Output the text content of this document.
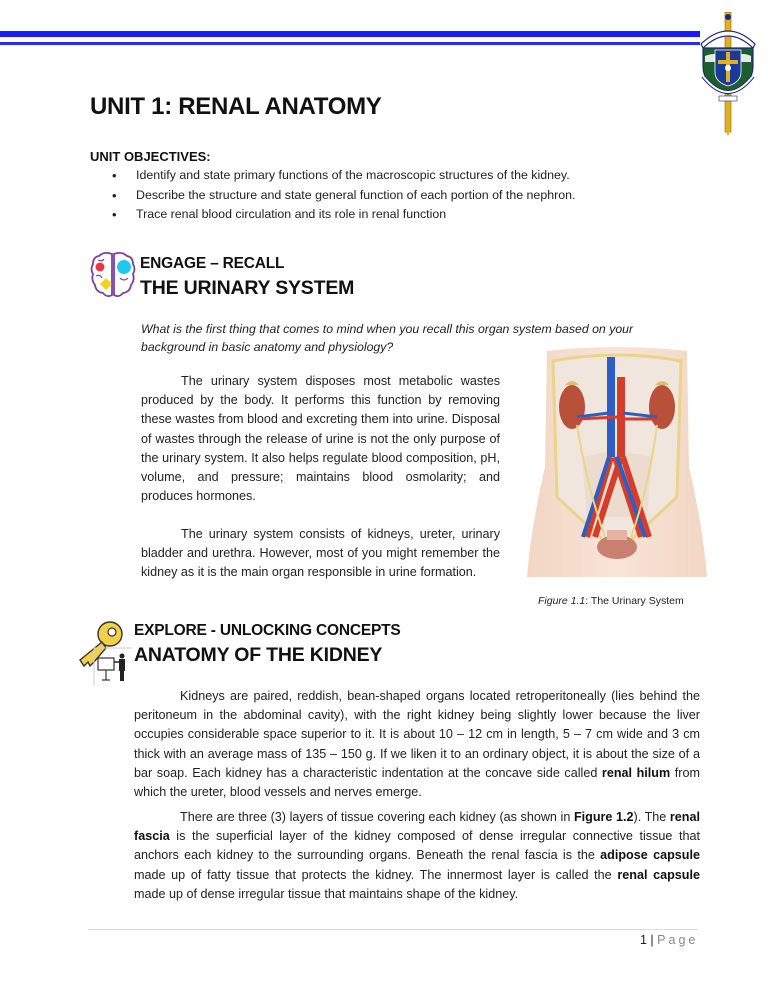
UNIT 1: RENAL ANATOMY
UNIT OBJECTIVES:
• Identify and state primary functions of the macroscopic structures of the kidney.
• Describe the structure and state general function of each portion of the nephron.
• Trace renal blood circulation and its role in renal function
ENGAGE – RECALL
THE URINARY SYSTEM
What is the first thing that comes to mind when you recall this organ system based on your background in basic anatomy and physiology?

The urinary system disposes most metabolic wastes produced by the body. It performs this function by removing these wastes from blood and excreting them into urine. Disposal of wastes through the release of urine is not the only purpose of the urinary system. It also helps regulate blood composition, pH, volume, and pressure; maintains blood osmolarity; and produces hormones.

The urinary system consists of kidneys, ureter, urinary bladder and urethra. However, most of you might remember the kidney as it is the main organ responsible in urine formation.

Figure 1.1: The Urinary System
EXPLORE - UNLOCKING CONCEPTS
ANATOMY OF THE KIDNEY

Kidneys are paired, reddish, bean-shaped organs located retroperitoneally (lies behind the peritoneum in the abdominal cavity), with the right kidney being slightly lower because the liver occupies considerable space superior to it. It is about 10 – 12 cm in length, 5 – 7 cm wide and 3 cm thick with an average mass of 135 – 150 g. If we liken it to an ordinary object, it is about the size of a bar soap. Each kidney has a characteristic indentation at the concave side called renal hilum from which the ureter, blood vessels and nerves emerge.

There are three (3) layers of tissue covering each kidney (as shown in Figure 1.2). The renal fascia is the superficial layer of the kidney composed of dense irregular connective tissue that anchors each kidney to the surrounding organs. Beneath the renal fascia is the adipose capsule made up of fatty tissue that protects the kidney. The innermost layer is called the renal capsule made up of dense irregular tissue that maintains shape of the kidney.

1 | Page
